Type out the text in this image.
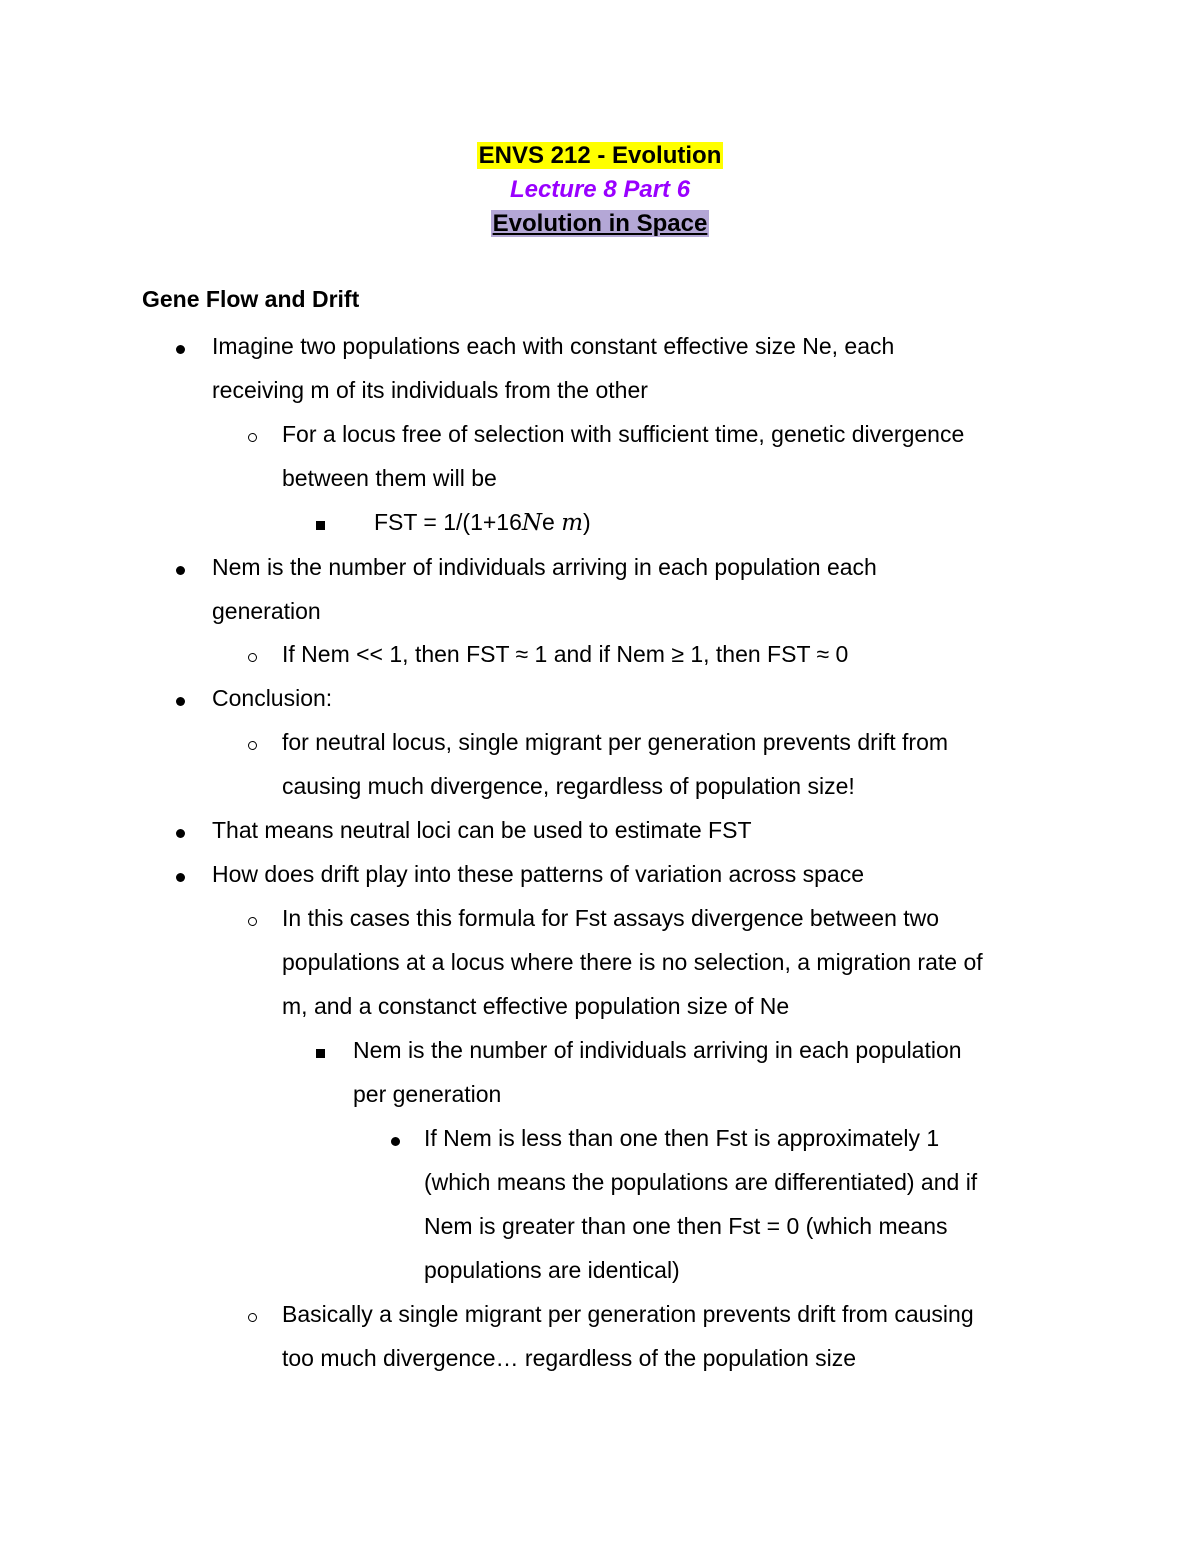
ENVS 212 - Evolution
Lecture 8 Part 6
Evolution in Space
Gene Flow and Drift
Imagine two populations each with constant effective size Ne, each
receiving m of its individuals from the other
For a locus free of selection with sufficient time, genetic divergence
between them will be
FST = 1/(1+16Ne m)
Nem is the number of individuals arriving in each population each
generation
If Nem << 1, then FST ≈ 1 and if Nem ≥ 1, then FST ≈ 0
Conclusion:
for neutral locus, single migrant per generation prevents drift from
causing much divergence, regardless of population size!
That means neutral loci can be used to estimate FST
How does drift play into these patterns of variation across space
In this cases this formula for Fst assays divergence between two
populations at a locus where there is no selection, a migration rate of
m, and a constanct effective population size of Ne
Nem is the number of individuals arriving in each population
per generation
If Nem is less than one then Fst is approximately 1
(which means the populations are differentiated) and if
Nem is greater than one then Fst = 0 (which means
populations are identical)
Basically a single migrant per generation prevents drift from causing
too much divergence… regardless of the population size
